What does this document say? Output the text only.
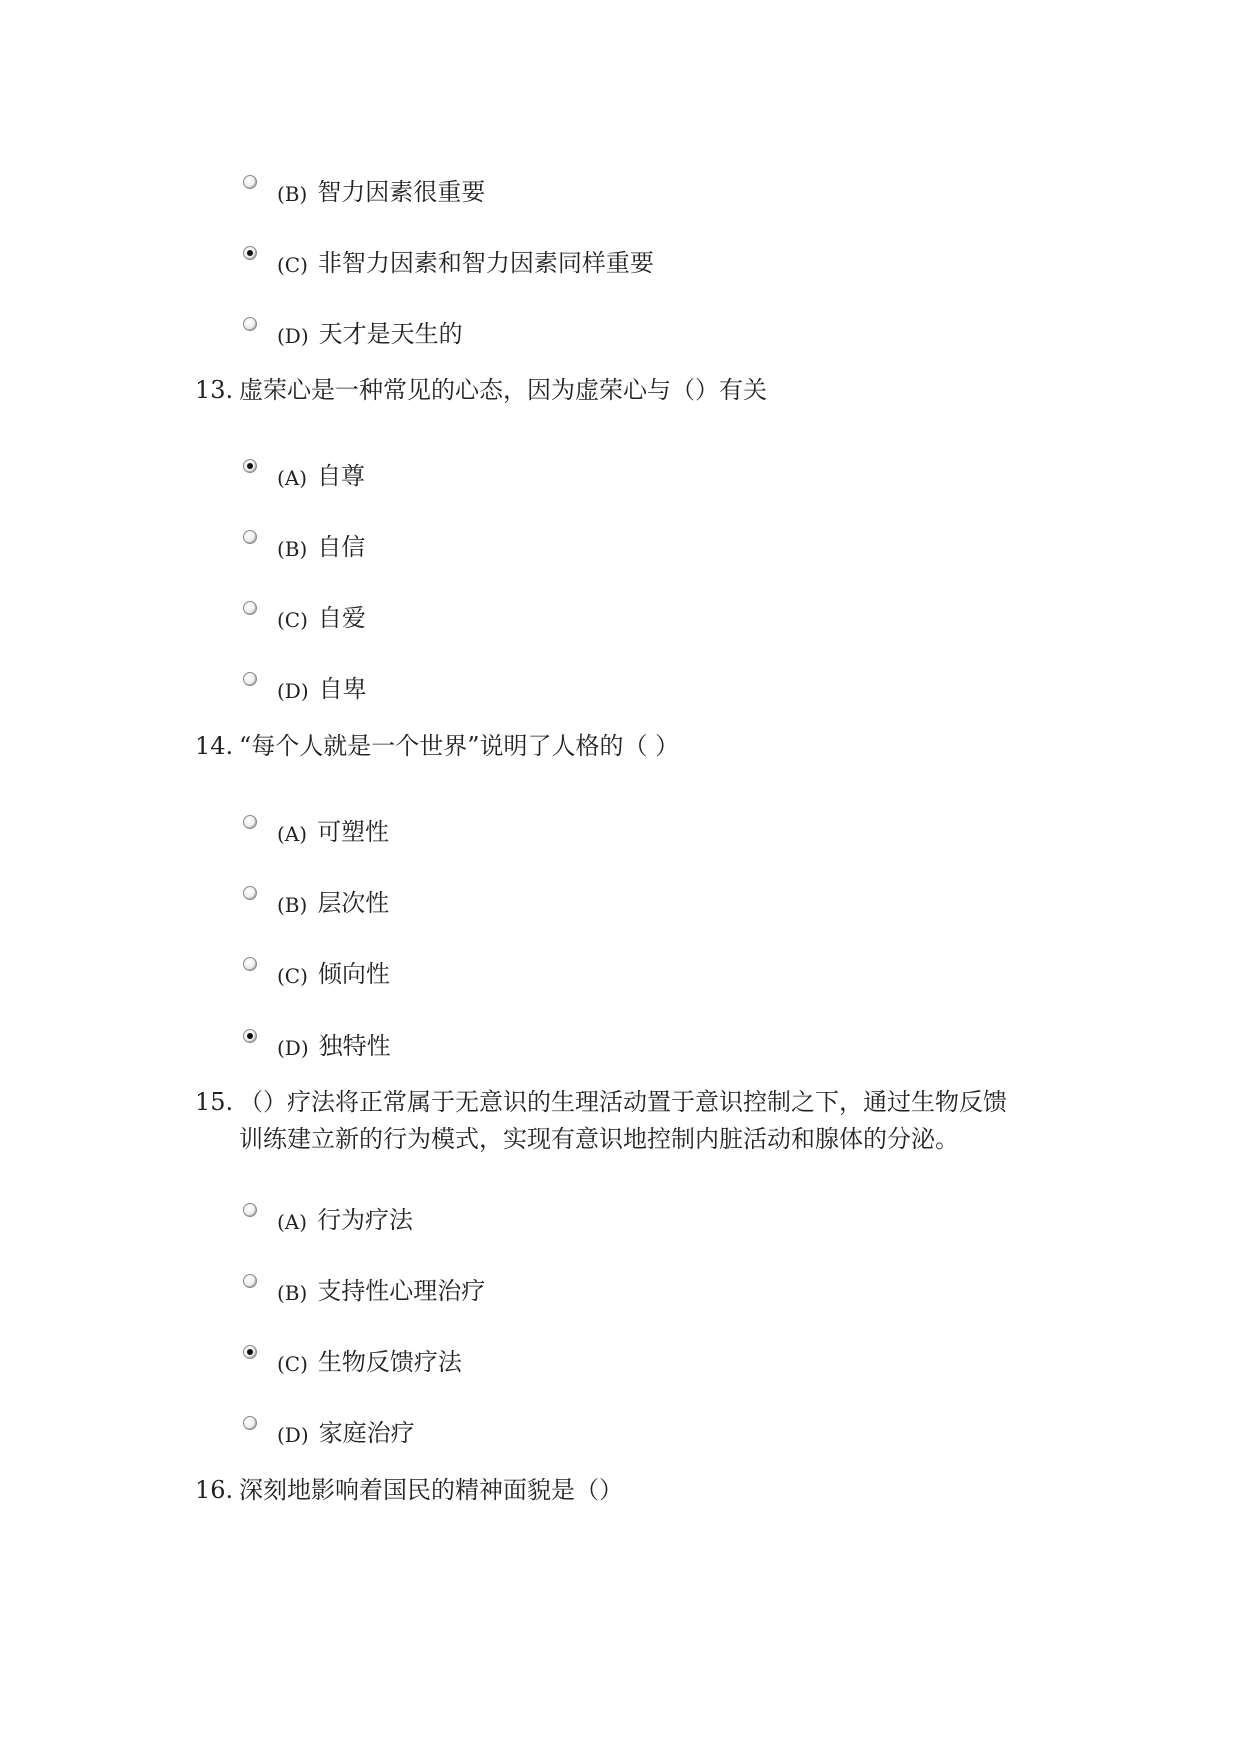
(B) 智力因素很重要
(C) 非智力因素和智力因素同样重要
(D) 天才是天生的
13. 虚荣心是一种常见的心态，因为虚荣心与（）有关
(A) 自尊
(B) 自信
(C) 自爱
(D) 自卑
14. “每个人就是一个世界”说明了人格的（ ）
(A) 可塑性
(B) 层次性
(C) 倾向性
(D) 独特性
15. （）疗法将正常属于无意识的生理活动置于意识控制之下，通过生物反馈
训练建立新的行为模式，实现有意识地控制内脏活动和腺体的分泌。
(A) 行为疗法
(B) 支持性心理治疗
(C) 生物反馈疗法
(D) 家庭治疗
16. 深刻地影响着国民的精神面貌是（）
